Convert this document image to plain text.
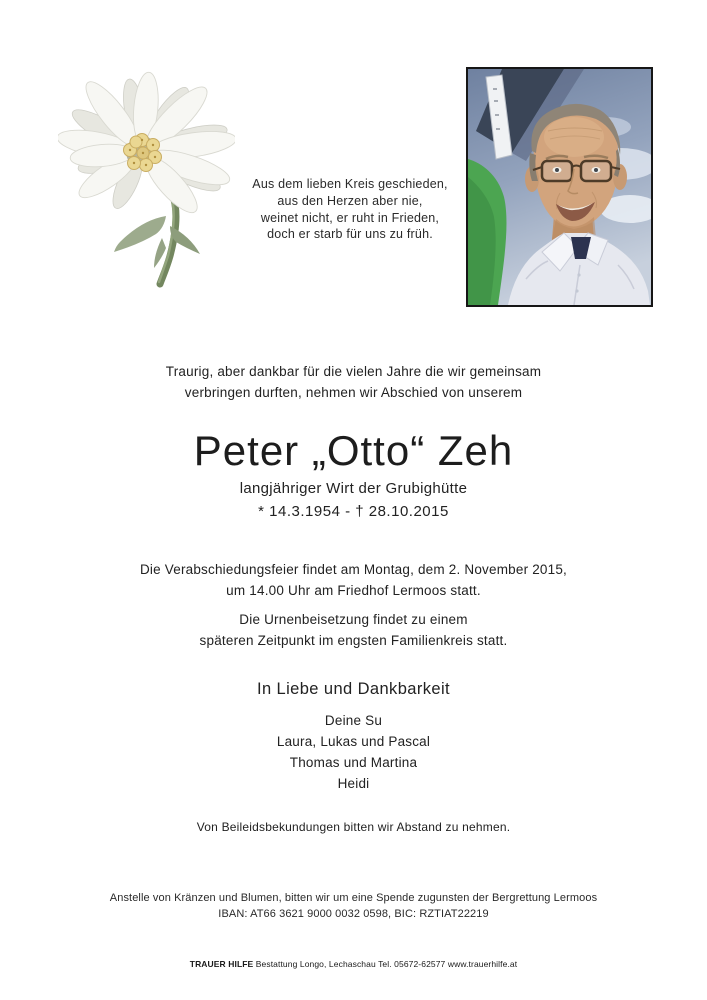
Aus dem lieben Kreis geschieden,
aus den Herzen aber nie,
weinet nicht, er ruht in Frieden,
doch er starb für uns zu früh.
Traurig, aber dankbar für die vielen Jahre die wir gemeinsam
verbringen durften, nehmen wir Abschied von unserem
Peter „Otto“ Zeh
langjähriger Wirt der Grubighütte
* 14.3.1954 - † 28.10.2015
Die Verabschiedungsfeier findet am Montag, dem 2. November 2015,
um 14.00 Uhr am Friedhof Lermoos statt.
Die Urnenbeisetzung findet zu einem
späteren Zeitpunkt im engsten Familienkreis statt.
In Liebe und Dankbarkeit
Deine Su
Laura, Lukas und Pascal
Thomas und Martina
Heidi
Von Beileidsbekundungen bitten wir Abstand zu nehmen.
Anstelle von Kränzen und Blumen, bitten wir um eine Spende zugunsten der Bergrettung Lermoos
IBAN: AT66 3621 9000 0032 0598, BIC: RZTIAT22219
TRAUER HILFE Bestattung Longo, Lechaschau Tel. 05672-62577 www.trauerhilfe.at
